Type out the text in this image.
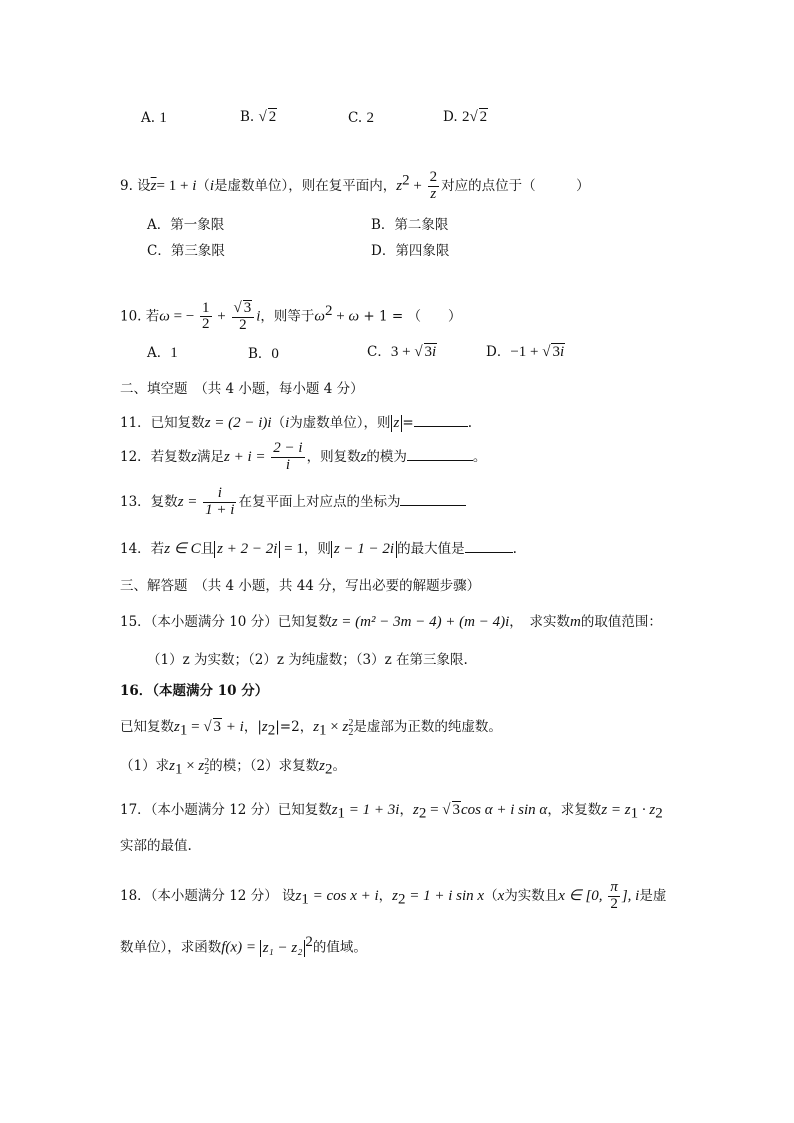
A. 1	B. √ 2	C. 2	D. 2√ 2
9. 设$\overline{z}= 1 + i(i$是虚数单位），则在复平面内，$z^2 + \frac{2}{z}$ 对应的点位于（　　　）
A．第一象限	B．第二象限
C．第三象限	D．第四象限
10. 若ω = − $\frac{1}{2} + \frac{√ 3}{2}$ i，则等于$\omega^2 + \omega + 1$ = （　　）
A．1	B．0	C．3 + √ 3i	D．−1 + √ 3i
二、填空题　（共 4 小题，每小题 4 分）
11．已知复数z = (2 − i)i（i为虚数单位），则 z =	.
12．若复数z满足$z + i = \frac{2 - i}{i}$ ，则复数z的模为	。
13．复数$z = \frac{i}{1 + i}$ 在复平面上对应点的坐标为
14．若z ∈ C且 z + 2 − 2i = 1，则 z − 1 − 2i 的最大值是	.
三、解答题　（共 4 小题，共 44 分，写出必要的解题步骤）
15．（本小题满分 10 分）已知复数z = (m² − 3m − 4) + (m − 4)i，　求实数m的取值范围：
（1）z 为实数；（2）z 为纯虚数；（3）z 在第三象限.
16．（本题满分 10 分）
已知复数$z_1$ = √ 3 + i，$|z_2|=2$，$z_1 \times z$ 2
2 是虚部为正数的纯虚数。
（1）求$z_1 \times z$ 2
2 的模；（2）求复数$z_2$。
17．（本小题满分 12 分）已知复数$z_1 = 1 + 3i$，$z_2$ = √ 3cos α + i sin α，求复数$z = z_1 \cdot z_2$
实部的最值.
18．（本小题满分 12 分） 设$z_1 = \cos x + i$，$z_2 = 1 + i$ sin x（x为实数且x ∈ [0, $\frac{\pi}{2}$ ], i是虚
数单位），求函数f(x) = z₁ − z₂ $^2$的值域。
